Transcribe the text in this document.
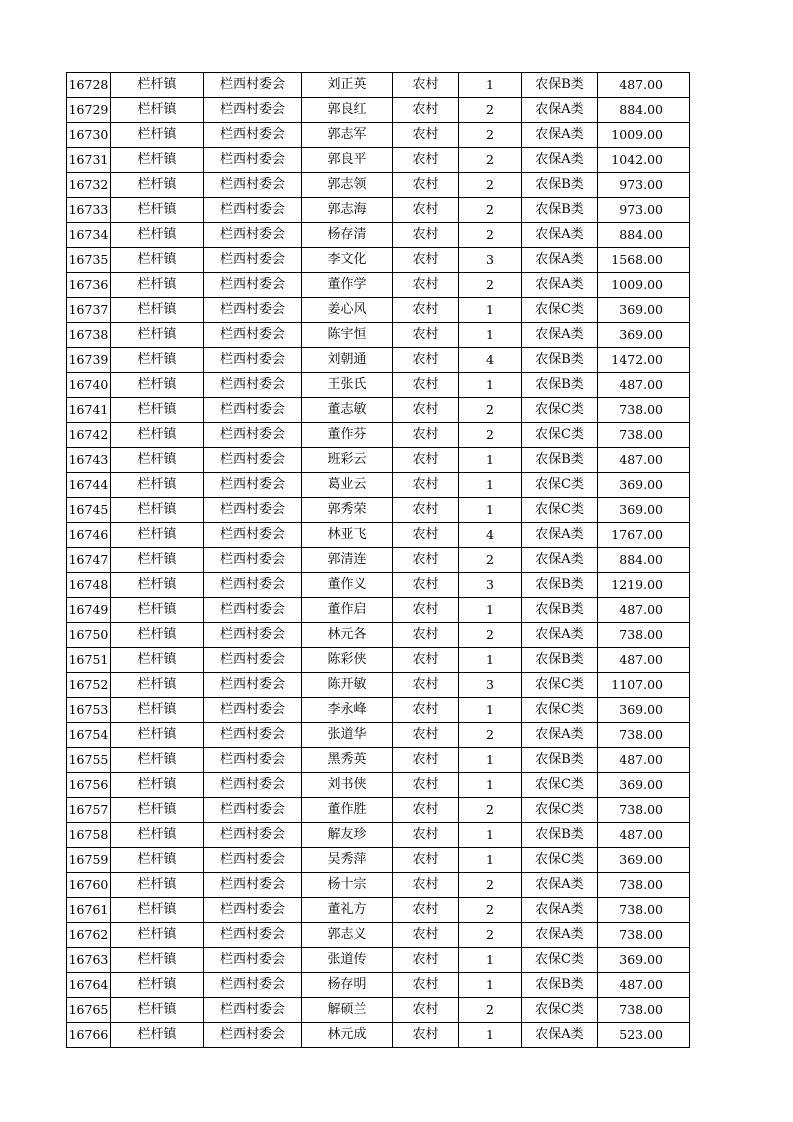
16728	栏杆镇	栏西村委会	刘正英	农村	1	农保B类	487.00
16729	栏杆镇	栏西村委会	郭良红	农村	2	农保A类	884.00
16730	栏杆镇	栏西村委会	郭志军	农村	2	农保A类	1009.00
16731	栏杆镇	栏西村委会	郭良平	农村	2	农保A类	1042.00
16732	栏杆镇	栏西村委会	郭志领	农村	2	农保B类	973.00
16733	栏杆镇	栏西村委会	郭志海	农村	2	农保B类	973.00
16734	栏杆镇	栏西村委会	杨存清	农村	2	农保A类	884.00
16735	栏杆镇	栏西村委会	李文化	农村	3	农保A类	1568.00
16736	栏杆镇	栏西村委会	董作学	农村	2	农保A类	1009.00
16737	栏杆镇	栏西村委会	姜心风	农村	1	农保C类	369.00
16738	栏杆镇	栏西村委会	陈宇恒	农村	1	农保A类	369.00
16739	栏杆镇	栏西村委会	刘朝通	农村	4	农保B类	1472.00
16740	栏杆镇	栏西村委会	王张氏	农村	1	农保B类	487.00
16741	栏杆镇	栏西村委会	董志敏	农村	2	农保C类	738.00
16742	栏杆镇	栏西村委会	董作芬	农村	2	农保C类	738.00
16743	栏杆镇	栏西村委会	班彩云	农村	1	农保B类	487.00
16744	栏杆镇	栏西村委会	葛业云	农村	1	农保C类	369.00
16745	栏杆镇	栏西村委会	郭秀荣	农村	1	农保C类	369.00
16746	栏杆镇	栏西村委会	林亚飞	农村	4	农保A类	1767.00
16747	栏杆镇	栏西村委会	郭清连	农村	2	农保A类	884.00
16748	栏杆镇	栏西村委会	董作义	农村	3	农保B类	1219.00
16749	栏杆镇	栏西村委会	董作启	农村	1	农保B类	487.00
16750	栏杆镇	栏西村委会	林元各	农村	2	农保A类	738.00
16751	栏杆镇	栏西村委会	陈彩侠	农村	1	农保B类	487.00
16752	栏杆镇	栏西村委会	陈开敏	农村	3	农保C类	1107.00
16753	栏杆镇	栏西村委会	李永峰	农村	1	农保C类	369.00
16754	栏杆镇	栏西村委会	张道华	农村	2	农保A类	738.00
16755	栏杆镇	栏西村委会	黑秀英	农村	1	农保B类	487.00
16756	栏杆镇	栏西村委会	刘书侠	农村	1	农保C类	369.00
16757	栏杆镇	栏西村委会	董作胜	农村	2	农保C类	738.00
16758	栏杆镇	栏西村委会	解友珍	农村	1	农保B类	487.00
16759	栏杆镇	栏西村委会	吴秀萍	农村	1	农保C类	369.00
16760	栏杆镇	栏西村委会	杨十宗	农村	2	农保A类	738.00
16761	栏杆镇	栏西村委会	董礼方	农村	2	农保A类	738.00
16762	栏杆镇	栏西村委会	郭志义	农村	2	农保A类	738.00
16763	栏杆镇	栏西村委会	张道传	农村	1	农保C类	369.00
16764	栏杆镇	栏西村委会	杨存明	农村	1	农保B类	487.00
16765	栏杆镇	栏西村委会	解硕兰	农村	2	农保C类	738.00
16766	栏杆镇	栏西村委会	林元成	农村	1	农保A类	523.00
